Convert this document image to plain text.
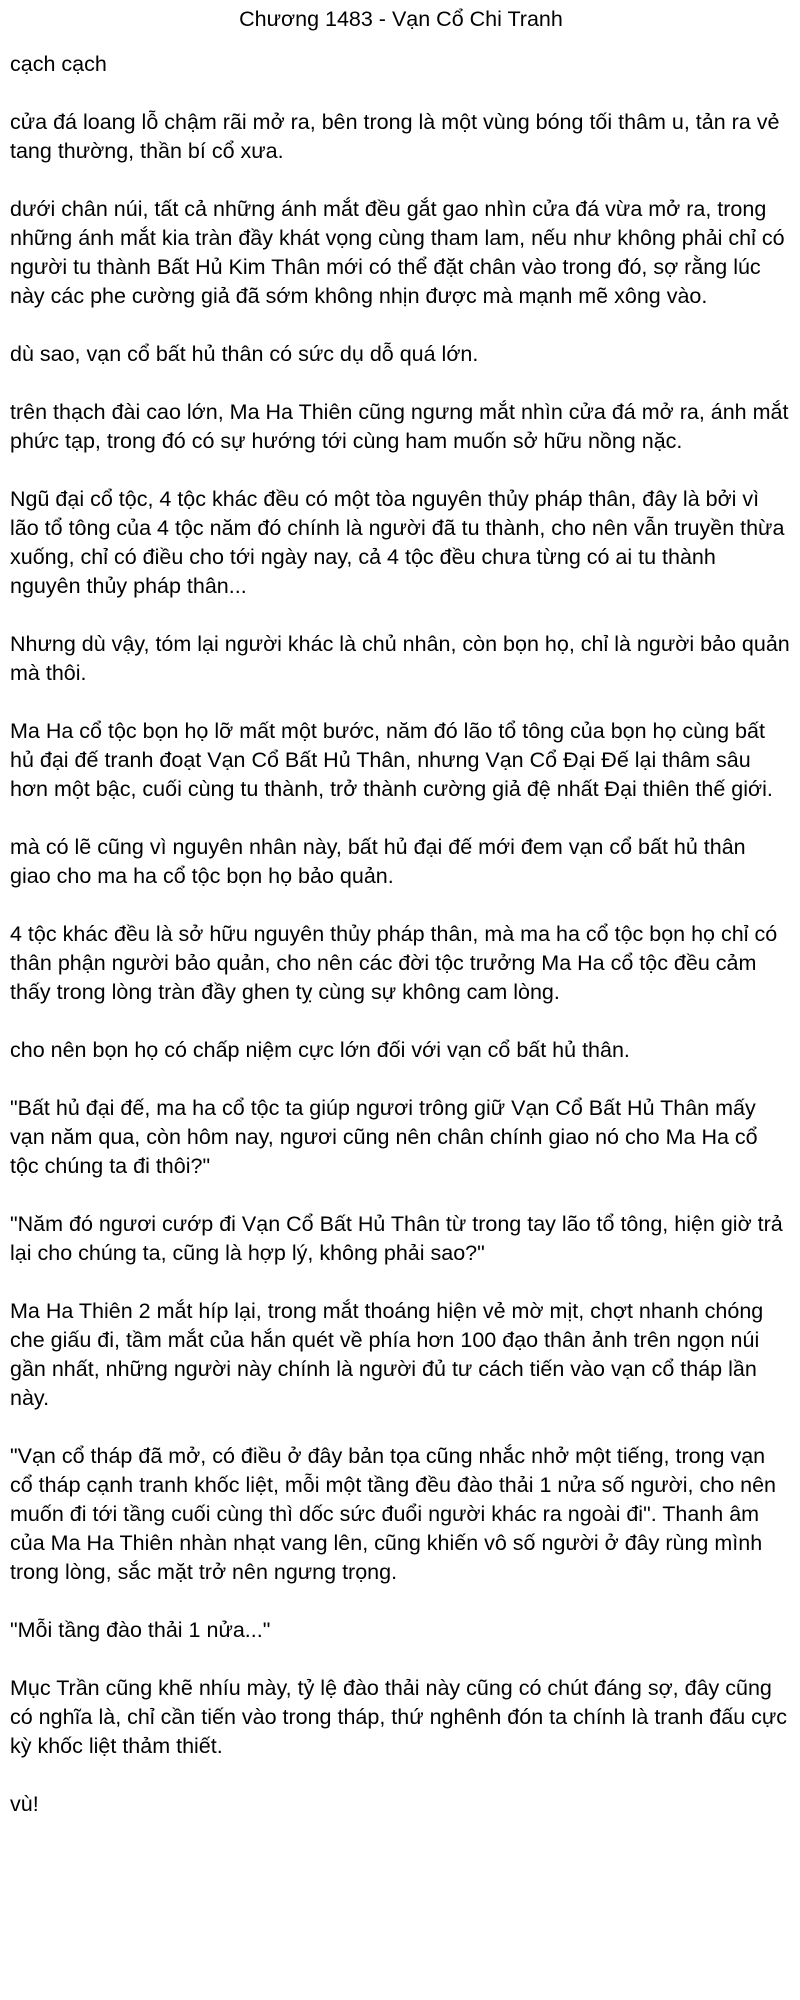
Chương 1483 - Vạn Cổ Chi Tranh

cạch cạch

cửa đá loang lỗ chậm rãi mở ra, bên trong là một vùng bóng tối thâm u, tản ra vẻ tang thường, thần bí cổ xưa.

dưới chân núi, tất cả những ánh mắt đều gắt gao nhìn cửa đá vừa mở ra, trong những ánh mắt kia tràn đầy khát vọng cùng tham lam, nếu như không phải chỉ có người tu thành Bất Hủ Kim Thân mới có thể đặt chân vào trong đó, sợ rằng lúc này các phe cường giả đã sớm không nhịn được mà mạnh mẽ xông vào.

dù sao, vạn cổ bất hủ thân có sức dụ dỗ quá lớn.

trên thạch đài cao lớn, Ma Ha Thiên cũng ngưng mắt nhìn cửa đá mở ra, ánh mắt phức tạp, trong đó có sự hướng tới cùng ham muốn sở hữu nồng nặc.

Ngũ đại cổ tộc, 4 tộc khác đều có một tòa nguyên thủy pháp thân, đây là bởi vì lão tổ tông của 4 tộc năm đó chính là người đã tu thành, cho nên vẫn truyền thừa xuống, chỉ có điều cho tới ngày nay, cả 4 tộc đều chưa từng có ai tu thành nguyên thủy pháp thân...

Nhưng dù vậy, tóm lại người khác là chủ nhân, còn bọn họ, chỉ là người bảo quản mà thôi.

Ma Ha cổ tộc bọn họ lỡ mất một bước, năm đó lão tổ tông của bọn họ cùng bất hủ đại đế tranh đoạt Vạn Cổ Bất Hủ Thân, nhưng Vạn Cổ Đại Đế lại thâm sâu hơn một bậc, cuối cùng tu thành, trở thành cường giả đệ nhất Đại thiên thế giới.

mà có lẽ cũng vì nguyên nhân này, bất hủ đại đế mới đem vạn cổ bất hủ thân giao cho ma ha cổ tộc bọn họ bảo quản.

4 tộc khác đều là sở hữu nguyên thủy pháp thân, mà ma ha cổ tộc bọn họ chỉ có thân phận người bảo quản, cho nên các đời tộc trưởng Ma Ha cổ tộc đều cảm thấy trong lòng tràn đầy ghen tỵ cùng sự không cam lòng.

cho nên bọn họ có chấp niệm cực lớn đối với vạn cổ bất hủ thân.

"Bất hủ đại đế, ma ha cổ tộc ta giúp ngươi trông giữ Vạn Cổ Bất Hủ Thân mấy vạn năm qua, còn hôm nay, ngươi cũng nên chân chính giao nó cho Ma Ha cổ tộc chúng ta đi thôi?"

"Năm đó ngươi cướp đi Vạn Cổ Bất Hủ Thân từ trong tay lão tổ tông, hiện giờ trả lại cho chúng ta, cũng là hợp lý, không phải sao?"

Ma Ha Thiên 2 mắt híp lại, trong mắt thoáng hiện vẻ mờ mịt, chợt nhanh chóng che giấu đi, tầm mắt của hắn quét về phía hơn 100 đạo thân ảnh trên ngọn núi gần nhất, những người này chính là người đủ tư cách tiến vào vạn cổ tháp lần này.

"Vạn cổ tháp đã mở, có điều ở đây bản tọa cũng nhắc nhở một tiếng, trong vạn cổ tháp cạnh tranh khốc liệt, mỗi một tầng đều đào thải 1 nửa số người, cho nên muốn đi tới tầng cuối cùng thì dốc sức đuổi người khác ra ngoài đi". Thanh âm của Ma Ha Thiên nhàn nhạt vang lên, cũng khiến vô số người ở đây rùng mình trong lòng, sắc mặt trở nên ngưng trọng.

"Mỗi tầng đào thải 1 nửa..."

Mục Trần cũng khẽ nhíu mày, tỷ lệ đào thải này cũng có chút đáng sợ, đây cũng có nghĩa là, chỉ cần tiến vào trong tháp, thứ nghênh đón ta chính là tranh đấu cực kỳ khốc liệt thảm thiết.

vù!
